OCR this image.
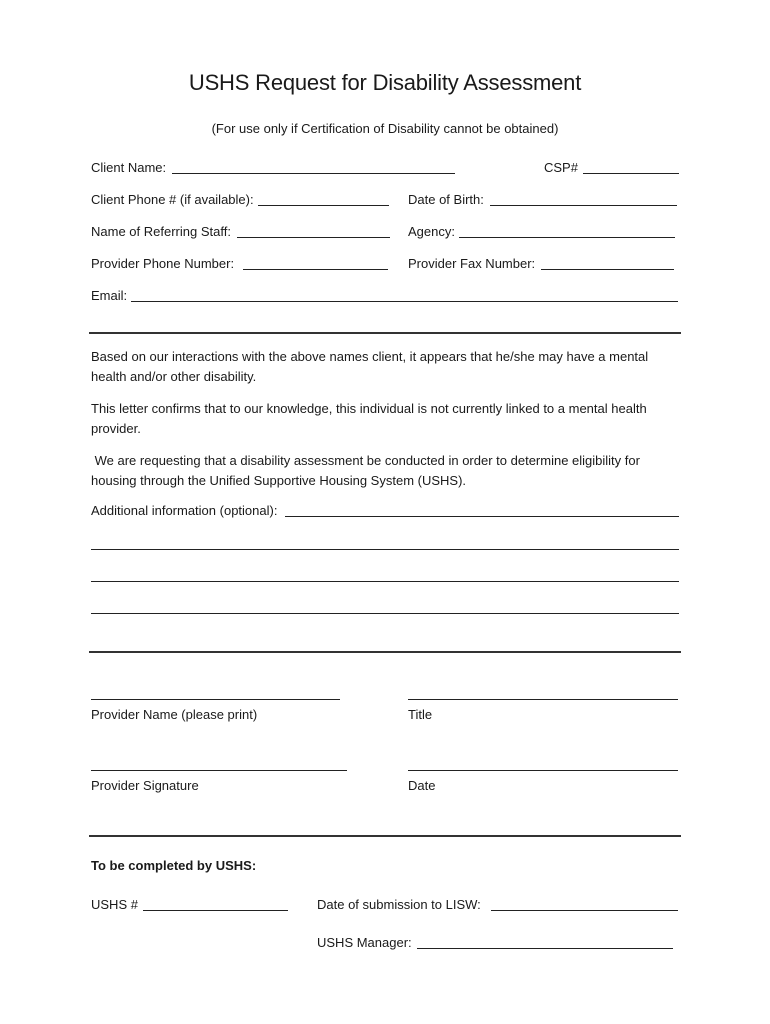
USHS Request for Disability Assessment
(For use only if Certification of Disability cannot be obtained)
Client Name:	CSP#
Client Phone # (if available):	Date of Birth:
Name of Referring Staff:	Agency:
Provider Phone Number:	Provider Fax Number:
Email:
Based on our interactions with the above names client, it appears that he/she may have a mental health and/or other disability.
This letter confirms that to our knowledge, this individual is not currently linked to a mental health provider.
We are requesting that a disability assessment be conducted in order to determine eligibility for housing through the Unified Supportive Housing System (USHS).
Additional information (optional):
Provider Name (please print)	Title
Provider Signature	Date
To be completed by USHS:
USHS #	Date of submission to LISW:
USHS Manager:
